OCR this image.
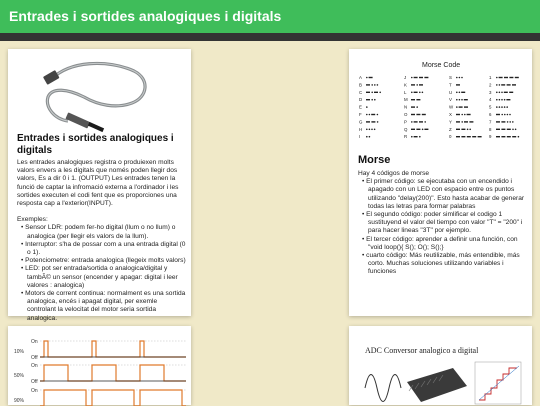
Entrades i sortides analogiques i digitals
Entrades i sortides analogiques i digitals

Les entrades analogiques registra o produiexen molts valors envers a les digitals que només poden llegir dos valors, Es a dir 0 i 1. (OUTPUT) Les entrades tenen la funció de captar la infromació externa a l'ordinador i les sortides executen el codi fent que es proporciones una resposta cap a l'exterior(INPUT).

Exemples:

• Sensor LDR: podem fer-ho digital (llum o no llum) o analogica (per llegir els valors de la llum).
• Interruptor: s'ha de possar com a una entrada digital (0 o 1).
• Potenciometre: entrada analogica (llegeix molts valors)
• LED: pot ser entrada/sortida o analogica/digital y tambÃ© un sensor (encender y apagar: digital i leer valores : analogica)
• Motors de corrent continua: normalment es una sortida analogica, encés i apagat digital, per exemle controlant la velocitat del motor seria sortida analogica.
Morse Code
A
B
C
D
E
F
G
H
I
J
K
L
M
N
O
P
Q
R
S
T
U
V
W
X
Y
Z
0
1
2
3
4
5
6
7
8
9
Morse

Hay 4 códigos de morse

• El primer código: se ejecutaba con un encendido i apagado con un LED con espacio entre os puntos utilizando "delay(200)". Esto hasta acabar de generar todas las letras para formar palabras
• El segundo código: poder simlificar el codigo 1 sustituyend el valor del tiempo con valor "T" = "200" i para hacer lineas "3T" por ejemplo.
• El tercer código: aprender a definir una función, con "void loop(){ S(); O(); S();}
• cuarto código: Más reutilizable, más entendible, más corto. Muchas soluciones utilizando variables i funciones
10%
50%
90%
On
Off
On
Off
On
ADC Conversor analogico a digital
